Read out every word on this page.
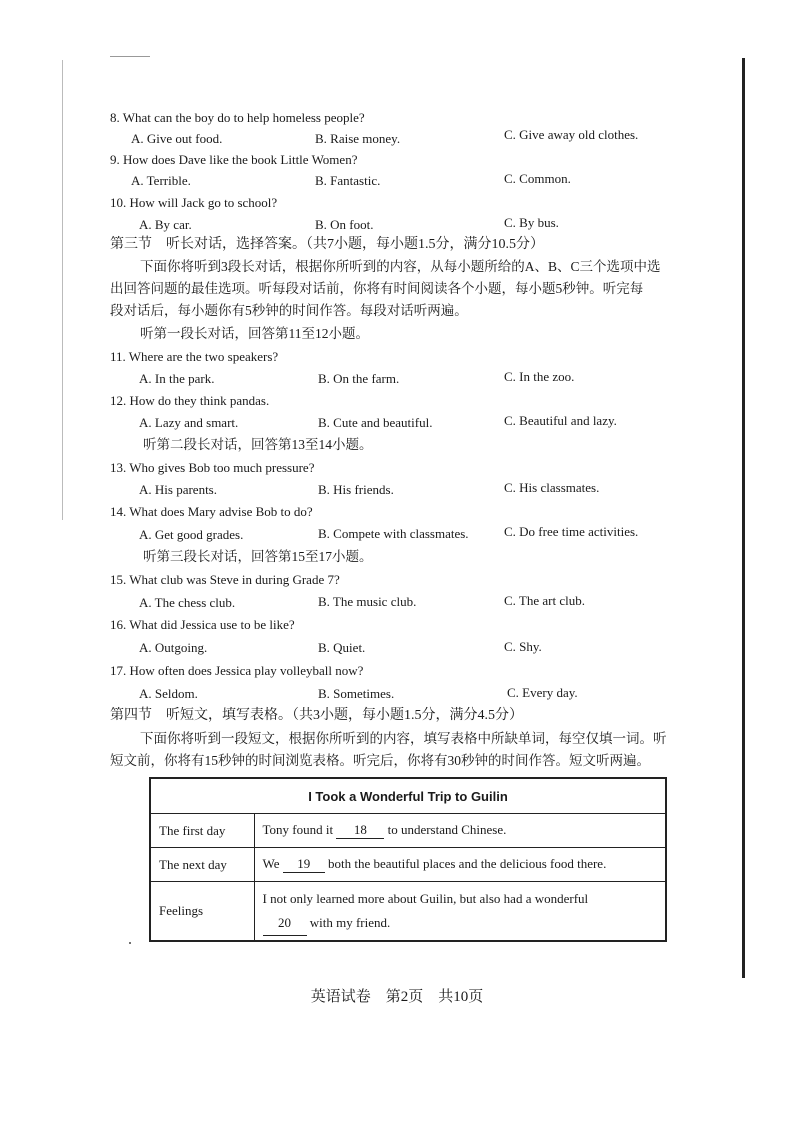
8. What can the boy do to help homeless people?
A. Give out food.	B. Raise money.	C. Give away old clothes.
9. How does Dave like the book Little Women?
A. Terrible.	B. Fantastic.	C. Common.
10. How will Jack go to school?
A. By car.	B. On foot.	C. By bus.
第三节　听长对话，选择答案。（共7小题，每小题1.5分，满分10.5分）
下面你将听到3段长对话，根据你所听到的内容，从每小题所给的A、B、C三个选项中选
出回答问题的最佳选项。听每段对话前，你将有时间阅读各个小题，每小题5秒钟。听完每
段对话后，每小题你有5秒钟的时间作答。每段对话听两遍。
听第一段长对话，回答第11至12小题。
11. Where are the two speakers?
A. In the park.	B. On the farm.	C. In the zoo.
12. How do they think pandas.
A. Lazy and smart.	B. Cute and beautiful.	C. Beautiful and lazy.
听第二段长对话，回答第13至14小题。
13. Who gives Bob too much pressure?
A. His parents.	B. His friends.	C. His classmates.
14. What does Mary advise Bob to do?
A. Get good grades.	B. Compete with classmates.	C. Do free time activities.
听第三段长对话，回答第15至17小题。
15. What club was Steve in during Grade 7?
A. The chess club.	B. The music club.	C. The art club.
16. What did Jessica use to be like?
A. Outgoing.	B. Quiet.	C. Shy.
17. How often does Jessica play volleyball now?
A. Seldom.	B. Sometimes.	C. Every day.
第四节　听短文，填写表格。（共3小题，每小题1.5分，满分4.5分）
下面你将听到一段短文，根据你所听到的内容，填写表格中所缺单词，每空仅填一词。听
短文前，你将有15秒钟的时间浏览表格。听完后，你将有30秒钟的时间作答。短文听两遍。
I Took a Wonderful Trip to Guilin	
The first day	Tony found it 18 to understand Chinese.
The next day	We 19 both the beautiful places and the delicious food there.
Feelings	I not only learned more about Guilin, but also had a wonderful
20 with my friend.
英语试卷　第2页　共10页
